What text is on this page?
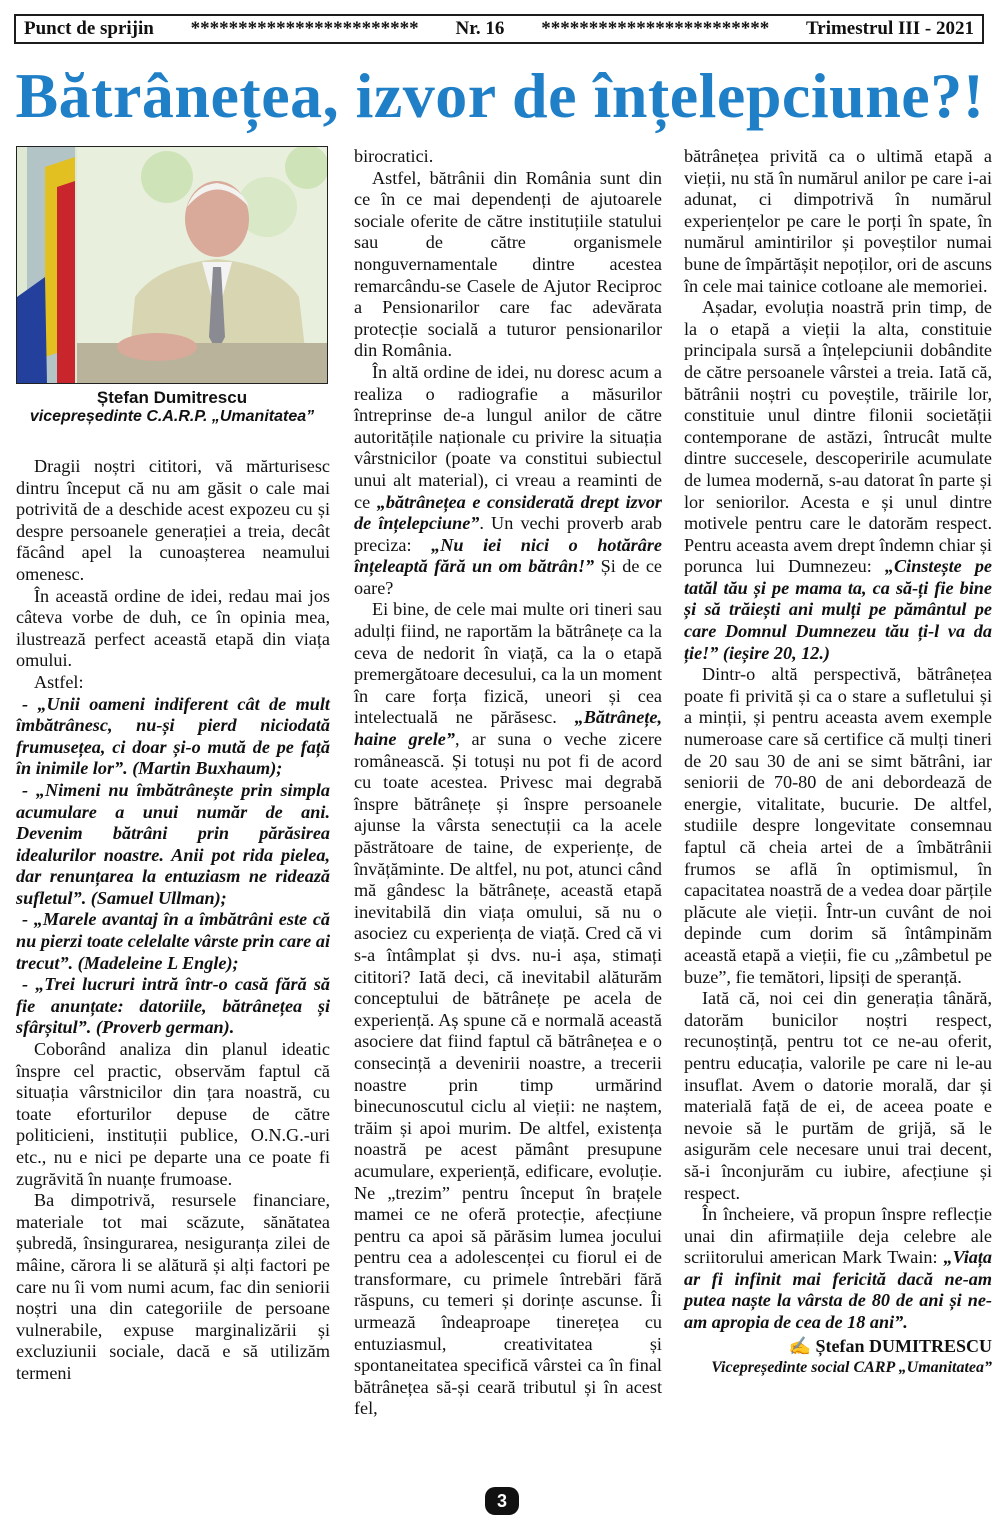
Punct de sprijin	************************	Nr. 16	************************	Trimestrul III - 2021
Bătrânețea, izvor de înțelepciune?!
Ștefan Dumitrescu
vicepreședinte C.A.R.P. „Umanitatea”

Dragii noștri cititori, vă mărturisesc dintru început că nu am găsit o cale mai potrivită de a deschide acest expozeu cu și despre persoanele generației a treia, decât făcând apel la cunoașterea neamului omenesc.

În această ordine de idei, redau mai jos câteva vorbe de duh, ce în opinia mea, ilustrează perfect această etapă din viața omului.

Astfel:

- „Unii oameni indiferent cât de mult îmbătrânesc, nu-și pierd niciodată frumusețea, ci doar și-o mută de pe față în inimile lor”. (Martin Buxhaum);

- „Nimeni nu îmbătrânește prin simpla acumulare a unui număr de ani. Devenim bătrâni prin părăsirea idealurilor noastre. Anii pot rida pielea, dar renunțarea la entuziasm ne ridează sufletul”. (Samuel Ullman);

- „Marele avantaj în a îmbătrâni este că nu pierzi toate celelalte vârste prin care ai trecut”. (Madeleine L Engle);

- „Trei lucruri intră într-o casă fără să fie anunțate: datoriile, bătrânețea și sfârșitul”. (Proverb german).

Coborând analiza din planul ideatic înspre cel practic, observăm faptul că situația vârstnicilor din țara noastră, cu toate eforturilor depuse de către politicieni, instituții publice, O.N.G.-uri etc., nu e nici pe departe una ce poate fi zugrăvită în nuanțe frumoase.

Ba dimpotrivă, resursele financiare, materiale tot mai scăzute, sănătatea șubredă, însingurarea, nesiguranța zilei de mâine, cărora li se alătură și alți factori pe care nu îi vom numi acum, fac din seniorii noștri una din categoriile de persoane vulnerabile, expuse marginalizării și excluziunii sociale, dacă e să utilizăm termeni

birocratici.

Astfel, bătrânii din România sunt din ce în ce mai dependenți de ajutoarele sociale oferite de către instituțiile statului sau de către organismele nonguvernamentale dintre acestea remarcându-se Casele de Ajutor Reciproc a Pensionarilor care fac adevărata protecție socială a tuturor pensionarilor din România.

În altă ordine de idei, nu doresc acum a realiza o radiografie a măsurilor întreprinse de-a lungul anilor de către autoritățile naționale cu privire la situația vârstnicilor (poate va constitui subiectul unui alt material), ci vreau a reaminti de ce „bătrânețea e considerată drept izvor de înțelepciune”. Un vechi proverb arab precizа: „Nu iei nici o hotărâre înțeleaptă fără un om bătrân!” Și de ce oare?

Ei bine, de cele mai multe ori tineri sau adulți fiind, ne raportăm la bătrânețe ca la ceva de nedorit în viață, ca la o etapă premergătoare decesului, ca la un moment în care forța fizică, uneori și cea intelectuală ne părăsesc. „Bătrânețe, haine grele”, ar suna o veche zicere românească. Și totuși nu pot fi de acord cu toate acestea. Privesc mai degrabă înspre bătrânețe și înspre persoanele ajunse la vârsta senectuții ca la acele păstrătoare de taine, de experiențe, de învățăminte. De altfel, nu pot, atunci când mă gândesc la bătrânețe, această etapă inevitabilă din viața omului, să nu o asociez cu experiența de viață. Cred că vi s-a întâmplat și dvs. nu-i așa, stimați cititori? Iată deci, că inevitabil alăturăm conceptului de bătrânețe pe acela de experiență. Aș spune că e normală această asociere dat fiind faptul că bătrânețea e o consecință a devenirii noastre, a trecerii noastre prin timp urmărind binecunoscutul ciclu al vieții: ne naștem, trăim și apoi murim. De altfel, existența noastră pe acest pământ presupune acumulare, experiență, edificare, evoluție. Ne „trezim” pentru început în brațele mamei ce ne oferă protecție, afecțiune pentru ca apoi să părăsim lumea jocului pentru cea a adolescenței cu fiorul ei de transformare, cu primele întrebări fără răspuns, cu temeri și dorințe ascunse. Îi urmează îndeaproape tinerețea cu entuziasmul, creativitatea și spontaneitatea specifică vârstei ca în final bătrânețea să-și ceară tributul și în acest fel,

bătrânețea privită ca o ultimă etapă a vieții, nu stă în numărul anilor pe care i-ai adunat, ci dimpotrivă în numărul experiențelor pe care le porți în spate, în numărul amintirilor și poveștilor numai bune de împărtășit nepoților, ori de ascuns în cele mai tainice cotloane ale memoriei.

Așadar, evoluția noastră prin timp, de la o etapă a vieții la alta, constituie principala sursă a înțelepciunii dobândite de către persoanele vârstei a treia. Iată că, bătrânii noștri cu poveștile, trăirile lor, constituie unul dintre filonii societății contemporane de astăzi, întrucât multe dintre succesele, descoperirile acumulate de lumea modernă, s-au datorat în parte și lor seniorilor. Acesta e și unul dintre motivele pentru care le datorăm respect. Pentru aceasta avem drept îndemn chiar și porunca lui Dumnezeu: „Cinstește pe tatăl tău și pe mama ta, ca să-ți fie bine și să trăiești ani mulți pe pământul pe care Domnul Dumnezeu tău ți-l va da ție!” (ieșire 20, 12.)

Dintr-o altă perspectivă, bătrânețea poate fi privită și ca o stare a sufletului și a minții, și pentru aceasta avem exemple numeroase care să certifice că mulți tineri de 20 sau 30 de ani se simt bătrâni, iar seniorii de 70-80 de ani debordează de energie, vitalitate, bucurie. De altfel, studiile despre longevitate consemnau faptul că cheia artei de a îmbătrânii frumos se află în optimismul, în capacitatea noastră de a vedea doar părțile plăcute ale vieții. Într-un cuvânt de noi depinde cum dorim să întâmpinăm această etapă a vieții, fie cu „zâmbetul pe buze”, fie temători, lipsiți de speranță.

Iată că, noi cei din generația tânără, datorăm bunicilor noștri respect, recunoștință, pentru tot ce ne-au oferit, pentru educația, valorile pe care ni le-au insuflat. Avem o datorie morală, dar și materială față de ei, de aceea poate e nevoie să le purtăm de grijă, să le asigurăm cele necesare unui trai decent, să-i înconjurăm cu iubire, afecțiune și respect.

În încheiere, vă propun înspre reflecție unai din afirmațiile deja celebre ale scriitorului american Mark Twain: „Viața ar fi infinit mai fericită dacă ne-am putea naște la vârsta de 80 de ani și ne-am apropia de cea de 18 ani”.

✍ Ștefan DUMITRESCU
Vicepreședinte social CARP „Umanitatea”
3
